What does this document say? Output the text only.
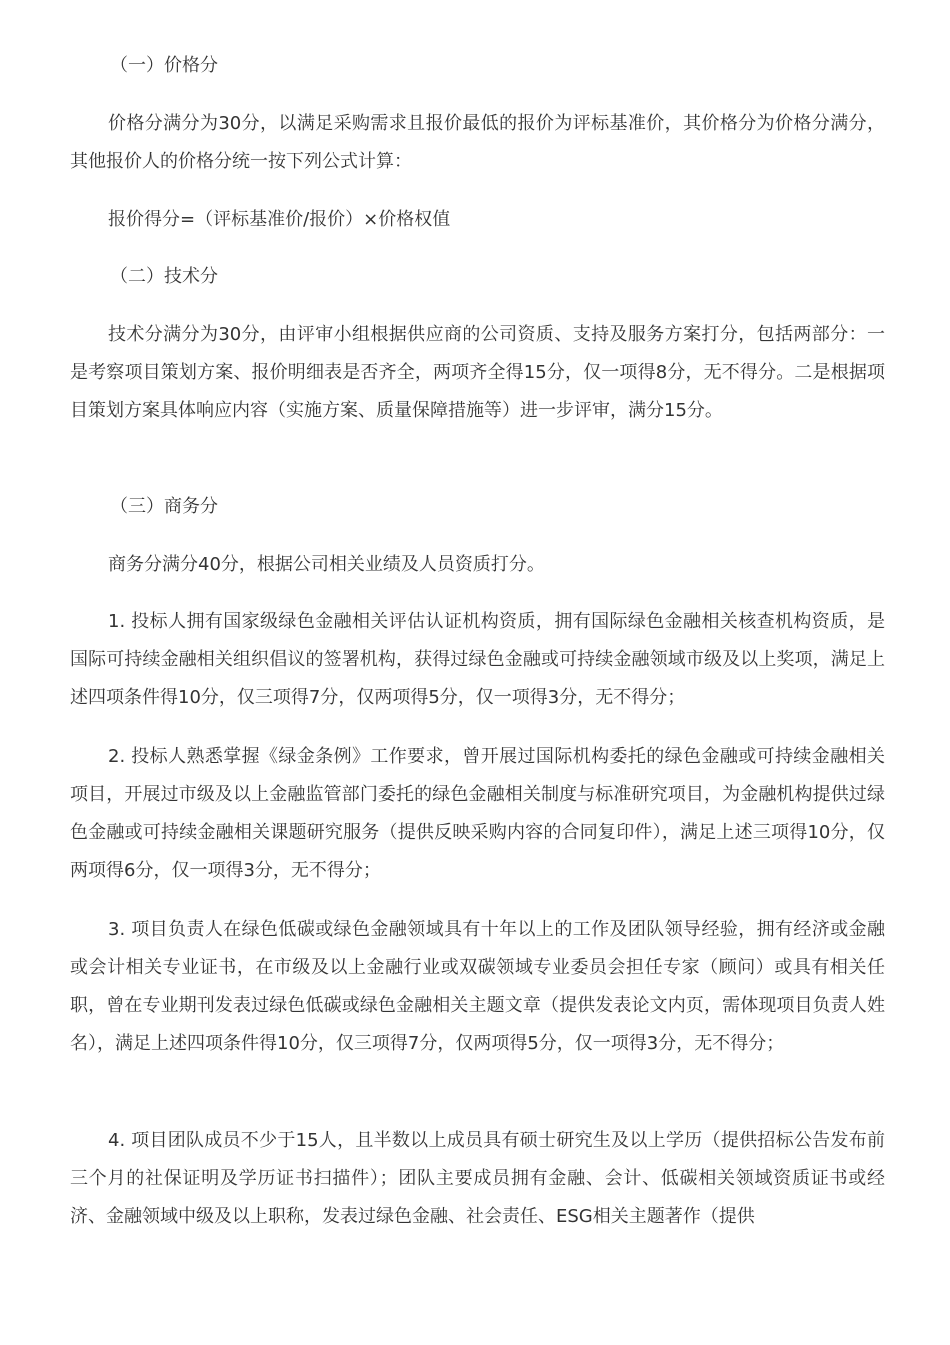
（一）价格分

价格分满分为30分，以满足采购需求且报价最低的报价为评标基准价，其价格分为价格分满分，其他报价人的价格分统一按下列公式计算：

报价得分=（评标基准价/报价）×价格权值

（二）技术分

技术分满分为30分，由评审小组根据供应商的公司资质、支持及服务方案打分，包括两部分：一是考察项目策划方案、报价明细表是否齐全，两项齐全得15分，仅一项得8分，无不得分。二是根据项目策划方案具体响应内容（实施方案、质量保障措施等）进一步评审，满分15分。

（三）商务分

商务分满分40分，根据公司相关业绩及人员资质打分。

1. 投标人拥有国家级绿色金融相关评估认证机构资质，拥有国际绿色金融相关核查机构资质，是国际可持续金融相关组织倡议的签署机构，获得过绿色金融或可持续金融领域市级及以上奖项，满足上述四项条件得10分，仅三项得7分，仅两项得5分，仅一项得3分，无不得分；

2. 投标人熟悉掌握《绿金条例》工作要求，曾开展过国际机构委托的绿色金融或可持续金融相关项目，开展过市级及以上金融监管部门委托的绿色金融相关制度与标准研究项目，为金融机构提供过绿色金融或可持续金融相关课题研究服务（提供反映采购内容的合同复印件），满足上述三项得10分，仅两项得6分，仅一项得3分，无不得分；

3. 项目负责人在绿色低碳或绿色金融领域具有十年以上的工作及团队领导经验，拥有经济或金融或会计相关专业证书，在市级及以上金融行业或双碳领域专业委员会担任专家（顾问）或具有相关任职，曾在专业期刊发表过绿色低碳或绿色金融相关主题文章（提供发表论文内页，需体现项目负责人姓名），满足上述四项条件得10分，仅三项得7分，仅两项得5分，仅一项得3分，无不得分；

4. 项目团队成员不少于15人，且半数以上成员具有硕士研究生及以上学历（提供招标公告发布前三个月的社保证明及学历证书扫描件）；团队主要成员拥有金融、会计、低碳相关领域资质证书或经济、金融领域中级及以上职称，发表过绿色金融、社会责任、ESG相关主题著作（提供
